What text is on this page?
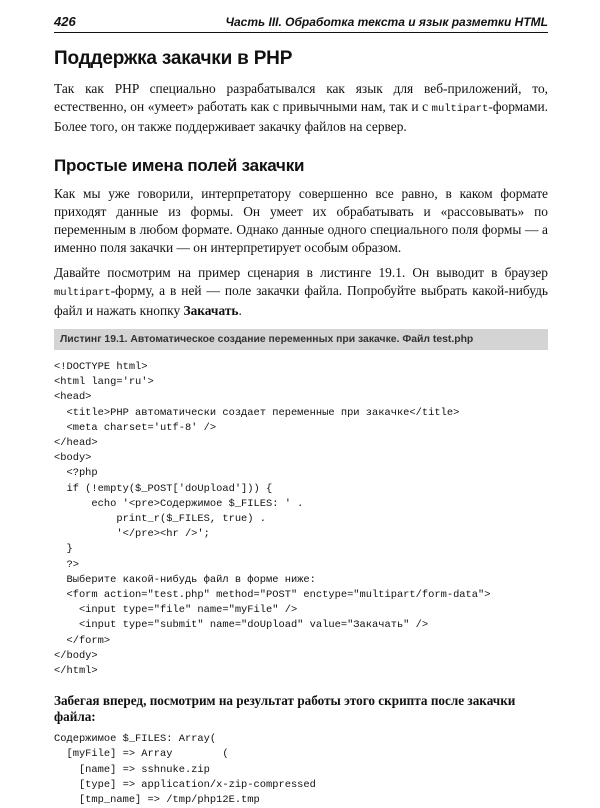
426	Часть III. Обработка текста и язык разметки HTML
Поддержка закачки в PHP

Так как PHP специально разрабатывался как язык для веб-приложений, то, естественно, он «умеет» работать как с привычными нам, так и с multipart-формами. Более того, он также поддерживает закачку файлов на сервер.

Простые имена полей закачки

Как мы уже говорили, интерпретатору совершенно все равно, в каком формате приходят данные из формы. Он умеет их обрабатывать и «рассовывать» по переменным в любом формате. Однако данные одного специального поля формы — а именно поля закачки — он интерпретирует особым образом.

Давайте посмотрим на пример сценария в листинге 19.1. Он выводит в браузер multipart-форму, а в ней — поле закачки файла. Попробуйте выбрать какой-нибудь файл и нажать кнопку Закачать.

Листинг 19.1. Автоматическое создание переменных при закачке. Файл test.php
<!DOCTYPE html>
<html lang='ru'>
<head>
<title>PHP автоматически создает переменные при закачке</title>
<meta charset='utf-8' />
</head>
<body>
<?php
if (!empty($_POST['doUpload'])) {
echo '<pre>Содержимое $_FILES: ' .
print_r($_FILES, true) .
'</pre><hr />';
}
?>
Выберите какой-нибудь файл в форме ниже:
<form action="test.php" method="POST" enctype="multipart/form-data">
<input type="file" name="myFile" />
<input type="submit" name="doUpload" value="Закачать" />
</form>
</body>
</html>
Забегая вперед, посмотрим на результат работы этого скрипта после закачки файла:
Содержимое $_FILES: Array(
[myFile] => Array        (
[name] => sshnuke.zip
[type] => application/x-zip-compressed
[tmp_name] => /tmp/php12E.tmp
